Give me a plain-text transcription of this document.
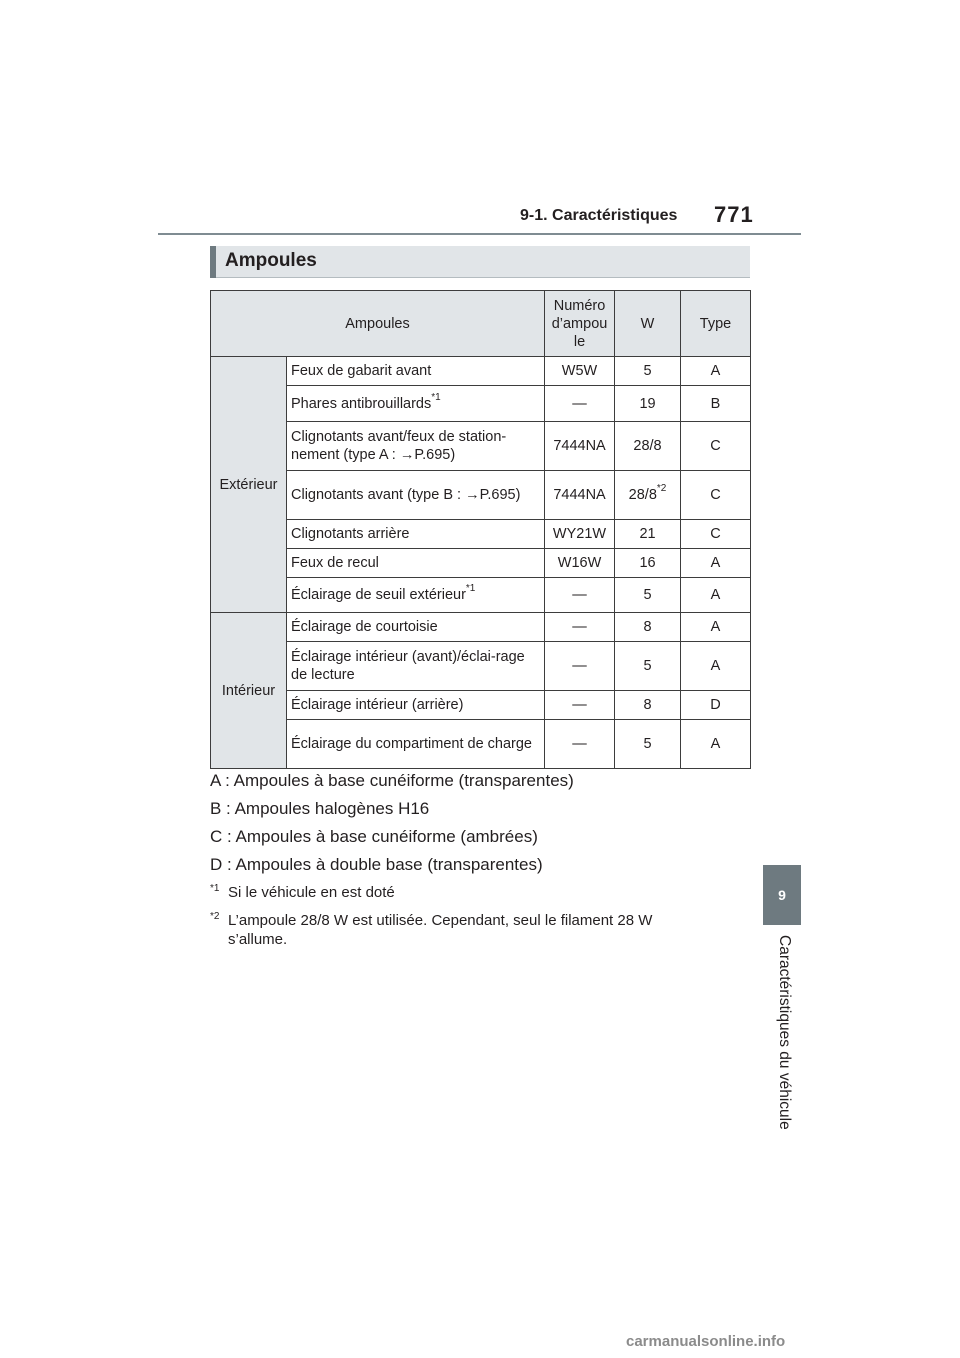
9-1. Caractéristiques	771
Ampoules
Ampoules		Numéro d’ampou le	W	Type
Extérieur	Feux de gabarit avant	W5W	5	A
	Phares antibrouillards$^{*1}$	—	19	B
	Clignotants avant/feux de station-nement (type A : →P.695)	7444NA	28/8	C
	Clignotants avant (type B : →P.695)	7444NA	28/8$^{*2}$	C
	Clignotants arrière	WY21W	21	C
	Feux de recul	W16W	16	A
	Éclairage de seuil extérieur$^{*1}$	—	5	A
Intérieur	Éclairage de courtoisie	—	8	A
	Éclairage intérieur (avant)/éclai-rage de lecture	—	5	A
	Éclairage intérieur (arrière)	—	8	D
	Éclairage du compartiment de charge	—	5	A
A : Ampoules à base cunéiforme (transparentes)
B : Ampoules halogènes H16
C : Ampoules à base cunéiforme (ambrées)
D : Ampoules à double base (transparentes)
*1 Si le véhicule en est doté
*2 L’ampoule 28/8 W est utilisée. Cependant, seul le filament 28 W s’allume.
9
Caractéristiques du véhicule
carmanualsonline.info
